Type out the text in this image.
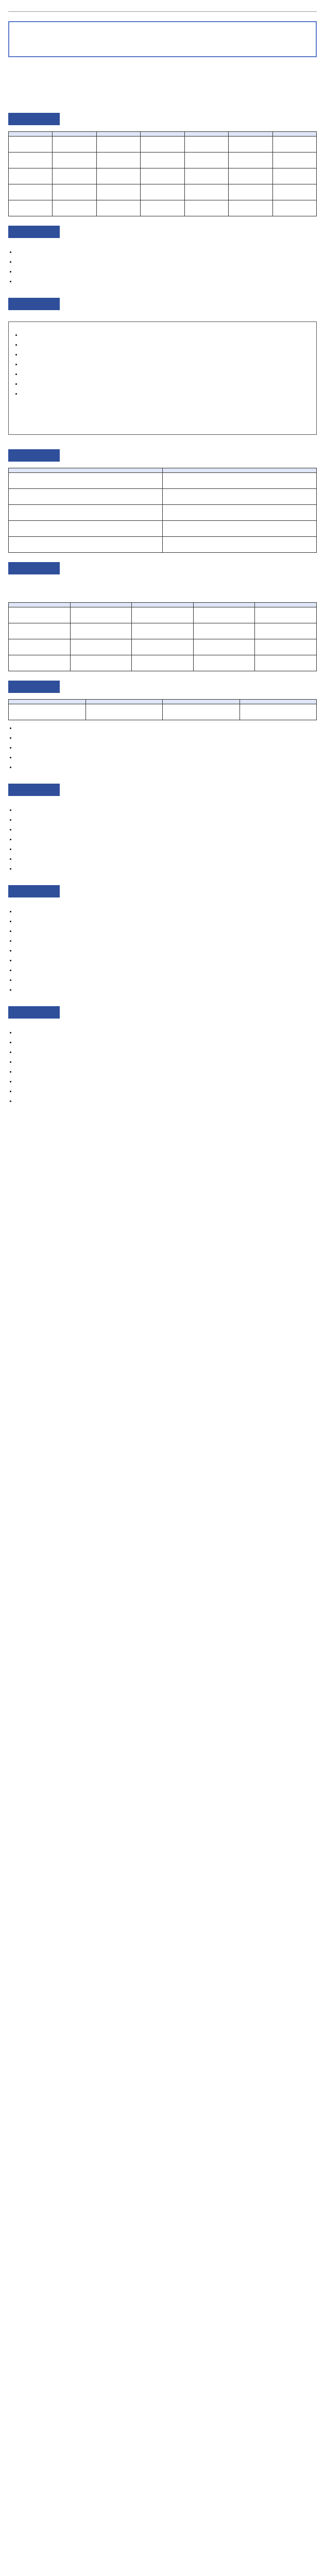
•
•
•
•
•
•
•
•
•
•
•

•
•
•
•
•
•
•
•
•
•
•
•
•
•
•
•
•
•
•
•
•
•
•
•
•
•
•
•
•
